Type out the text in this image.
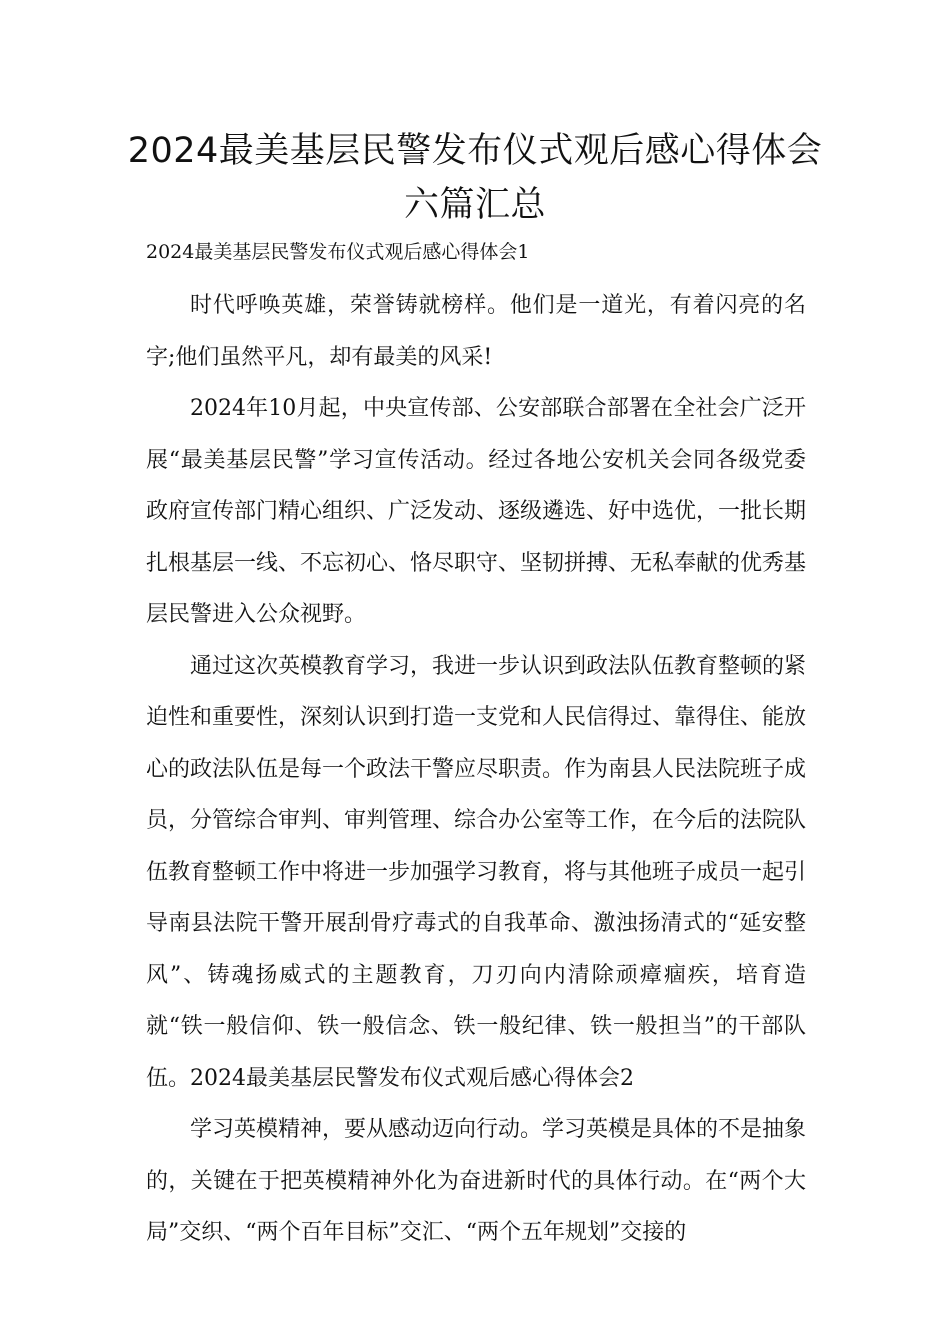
2024最美基层民警发布仪式观后感心得体会六篇汇总
2024最美基层民警发布仪式观后感心得体会1

时代呼唤英雄，荣誉铸就榜样。他们是一道光，有着闪亮的名字;他们虽然平凡，却有最美的风采!

2024年10月起，中央宣传部、公安部联合部署在全社会广泛开展“最美基层民警”学习宣传活动。经过各地公安机关会同各级党委政府宣传部门精心组织、广泛发动、逐级遴选、好中选优，一批长期扎根基层一线、不忘初心、恪尽职守、坚韧拼搏、无私奉献的优秀基层民警进入公众视野。

通过这次英模教育学习，我进一步认识到政法队伍教育整顿的紧迫性和重要性，深刻认识到打造一支党和人民信得过、靠得住、能放心的政法队伍是每一个政法干警应尽职责。作为南县人民法院班子成员，分管综合审判、审判管理、综合办公室等工作，在今后的法院队伍教育整顿工作中将进一步加强学习教育，将与其他班子成员一起引导南县法院干警开展刮骨疗毒式的自我革命、激浊扬清式的“延安整风”、铸魂扬威式的主题教育，刀刃向内清除顽瘴痼疾，培育造就“铁一般信仰、铁一般信念、铁一般纪律、铁一般担当”的干部队伍。2024最美基层民警发布仪式观后感心得体会2

学习英模精神，要从感动迈向行动。学习英模是具体的不是抽象的，关键在于把英模精神外化为奋进新时代的具体行动。在“两个大局”交织、“两个百年目标”交汇、“两个五年规划”交接的
